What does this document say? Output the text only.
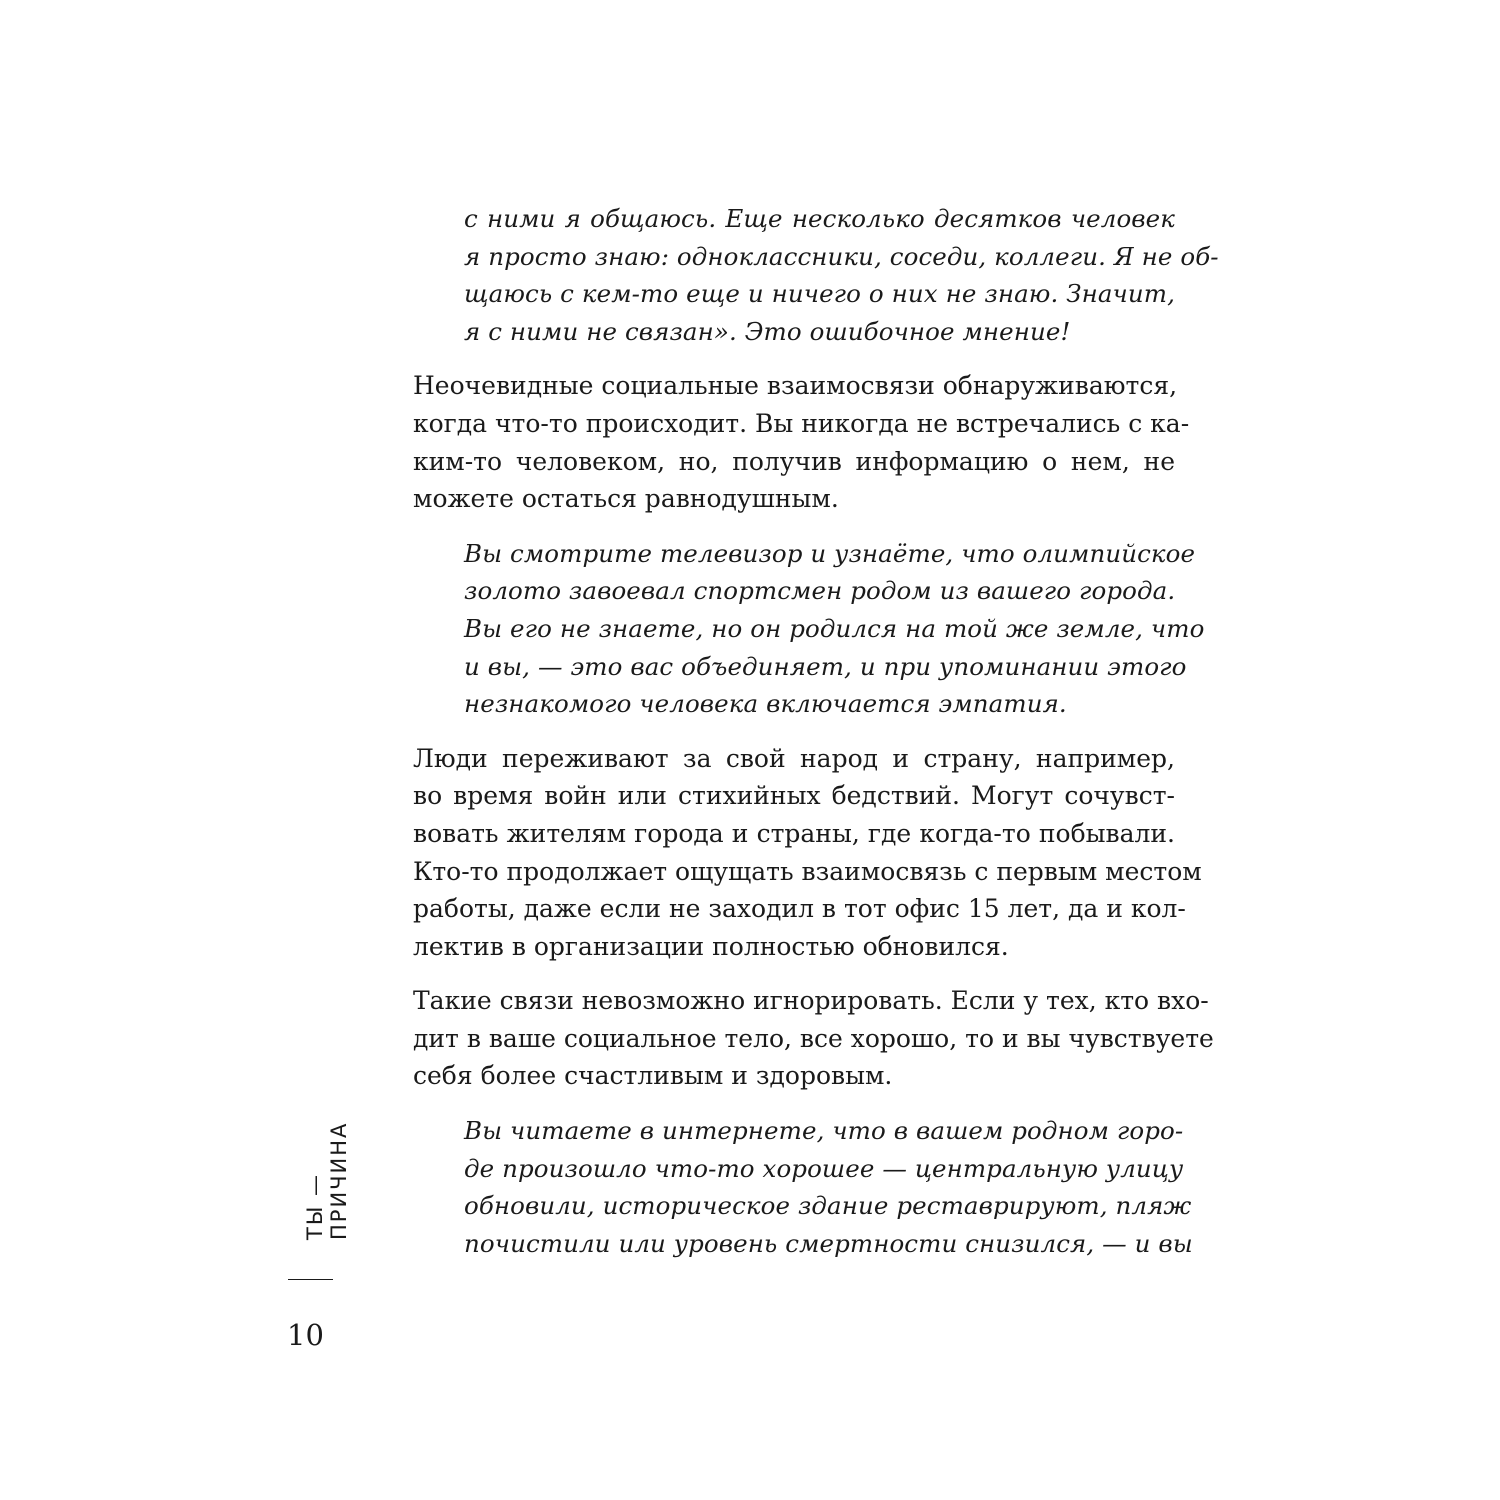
с ними я общаюсь. Еще несколько десятков человек
я просто знаю: одноклассники, соседи, коллеги. Я не об-
щаюсь с кем-то еще и ничего о них не знаю. Значит,
я с ними не связан». Это ошибочное мнение!
Неочевидные социальные взаимосвязи обнаруживаются,
когда что-то происходит. Вы никогда не встречались с ка-
ким-то человеком, но, получив информацию о нем, не
можете остаться равнодушным.
Вы смотрите телевизор и узнаёте, что олимпийское
золото завоевал спортсмен родом из вашего города.
Вы его не знаете, но он родился на той же земле, что
и вы, — это вас объединяет, и при упоминании этого
незнакомого человека включается эмпатия.
Люди переживают за свой народ и страну, например,
во время войн или стихийных бедствий. Могут сочувст-
вовать жителям города и страны, где когда-то побывали.
Кто-то продолжает ощущать взаимосвязь с первым местом
работы, даже если не заходил в тот офис 15 лет, да и кол-
лектив в организации полностью обновился.
Такие связи невозможно игнорировать. Если у тех, кто вхо-
дит в ваше социальное тело, все хорошо, то и вы чувствуете
себя более счастливым и здоровым.
Вы читаете в интернете, что в вашем родном горо-
де произошло что-то хорошее — центральную улицу
обновили, историческое здание реставрируют, пляж
почистили или уровень смертности снизился, — и вы
ТЫ — ПРИЧИНА
10
